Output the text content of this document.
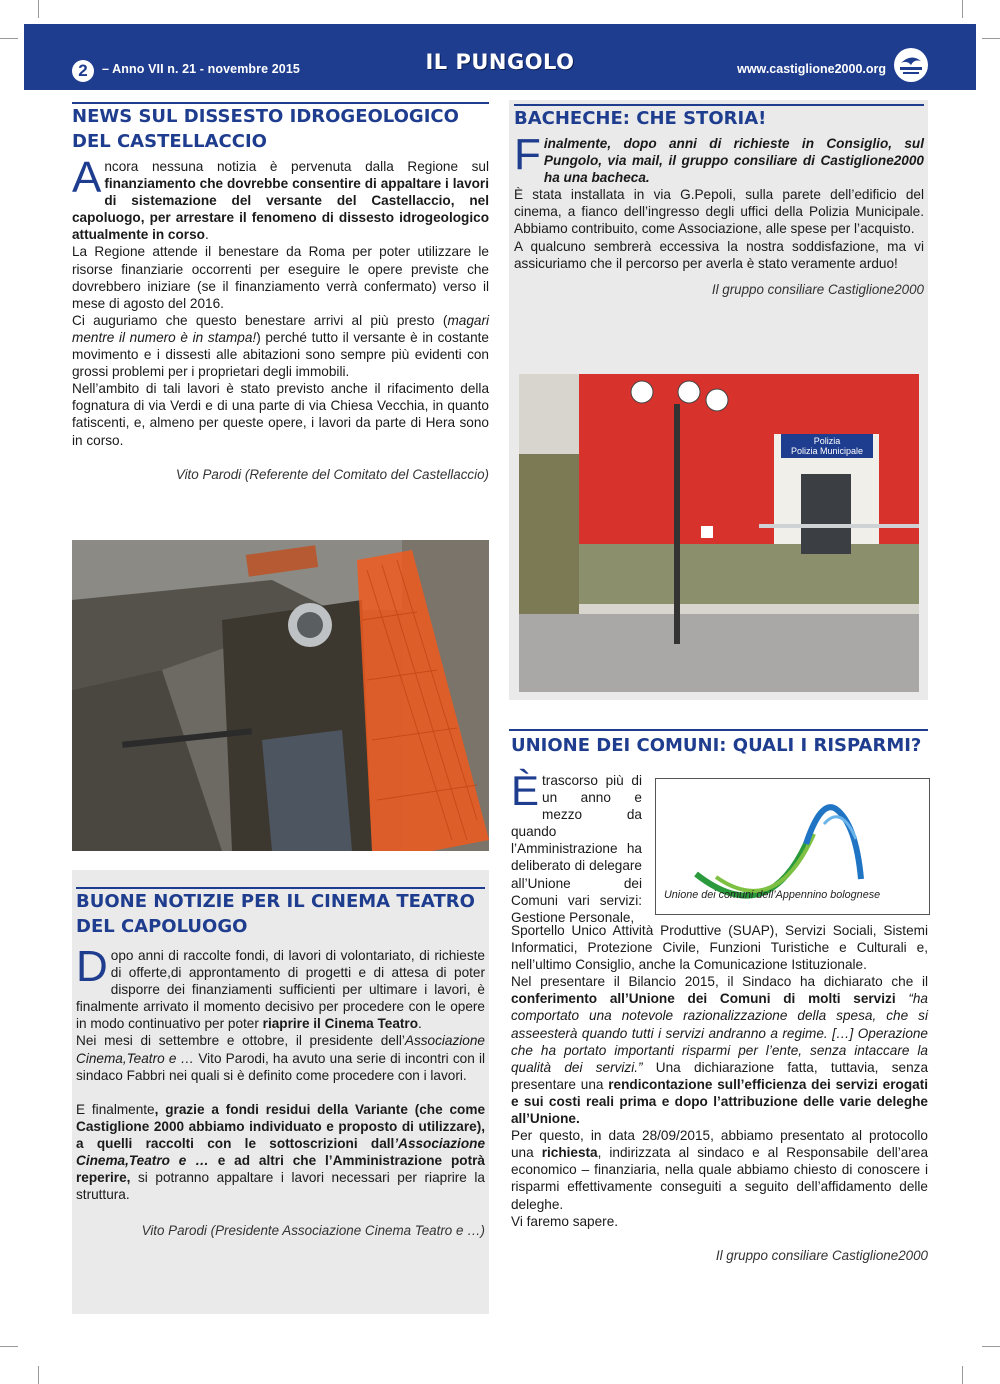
2	– Anno VII n. 21 - novembre 2015	IL PUNGOLO	www.castiglione2000.org
NEWS SUL DISSESTO IDROGEOLOGICO
DEL CASTELLACCIO

Ancora nessuna notizia è pervenuta dalla Regione sul finanziamento che dovrebbe consentire di appaltare i lavori di sistemazione del versante del Castellaccio, nel capoluogo, per arrestare il fenomeno di dissesto idrogeologico attualmente in corso.

La Regione attende il benestare da Roma per poter utilizzare le risorse finanziarie occorrenti per eseguire le opere previste che dovrebbero iniziare (se il finanziamento verrà confermato) verso il mese di agosto del 2016.

Ci auguriamo che questo benestare arrivi al più presto (magari mentre il numero è in stampa!) perché tutto il versante è in costante movimento e i dissesti alle abitazioni sono sempre più evidenti con grossi problemi per i proprietari degli immobili.

Nell’ambito di tali lavori è stato previsto anche il rifacimento della fognatura di via Verdi e di una parte di via Chiesa Vecchia, in quanto fatiscenti, e, almeno per queste opere, i lavori da parte di Hera sono in corso.

Vito Parodi (Referente del Comitato del Castellaccio)
BACHECHE: CHE STORIA!

Finalmente, dopo anni di richieste in Consiglio, sul Pungolo, via mail, il gruppo consiliare di Castiglione2000 ha una bacheca.

È stata installata in via G.Pepoli, sulla parete dell’edificio del cinema, a fianco dell’ingresso degli uffici della Polizia Municipale. Abbiamo contribuito, come Associazione, alle spese per l’acquisto.

A qualcuno sembrerà eccessiva la nostra soddisfazione, ma vi assicuriamo che il percorso per averla è stato veramente arduo!

Il gruppo consiliare Castiglione2000
Polizia
Polizia Municipale
BUONE NOTIZIE PER IL CINEMA TEATRO
DEL CAPOLUOGO

Dopo anni di raccolte fondi, di lavori di volontariato, di richieste di offerte,di approntamento di progetti e di attesa di poter disporre dei finanziamenti sufficienti per ultimare i lavori, è finalmente arrivato il momento decisivo per procedere con le opere in modo continuativo per poter riaprire il Cinema Teatro.

Nei mesi di settembre e ottobre, il presidente dell’Associazione Cinema,Teatro e … Vito Parodi, ha avuto una serie di incontri con il sindaco Fabbri nei quali si è definito come procedere con i lavori.

E finalmente, grazie a fondi residui della Variante (che come Castiglione 2000 abbiamo individuato e proposto di utilizzare), a quelli raccolti con le sottoscrizioni dall’Associazione Cinema,Teatro e … e ad altri che l’Amministrazione potrà reperire, si potranno appaltare i lavori necessari per riaprire la struttura.

Vito Parodi (Presidente Associazione Cinema Teatro e …)
UNIONE DEI COMUNI: QUALI I RISPARMI?
Unione dei comuni dell’Appennino bolognese
Ètrascorso più di un anno e mezzo da quando l’Amministrazione ha deliberato di delegare all’Unione dei Comuni vari servizi: Gestione Personale,

Sportello Unico Attività Produttive (SUAP), Servizi Sociali, Sistemi Informatici, Protezione Civile, Funzioni Turistiche e Culturali e, nell’ultimo Consiglio, anche la Comunicazione Istituzionale.

Nel presentare il Bilancio 2015, il Sindaco ha dichiarato che il conferimento all’Unione dei Comuni di molti servizi “ha comportato una notevole razionalizzazione della spesa, che si asseesterà quando tutti i servizi andranno a regime. […] Operazione che ha portato importanti risparmi per l’ente, senza intaccare la qualità dei servizi.” Una dichiarazione fatta, tuttavia, senza presentare una rendicontazione sull’efficienza dei servizi erogati e sui costi reali prima e dopo l’attribuzione delle varie deleghe all’Unione.

Per questo, in data 28/09/2015, abbiamo presentato al protocollo una richiesta, indirizzata al sindaco e al Responsabile dell’area economico – finanziaria, nella quale abbiamo chiesto di conoscere i risparmi effettivamente conseguiti a seguito dell’affidamento delle deleghe.

Vi faremo sapere.

Il gruppo consiliare Castiglione2000
